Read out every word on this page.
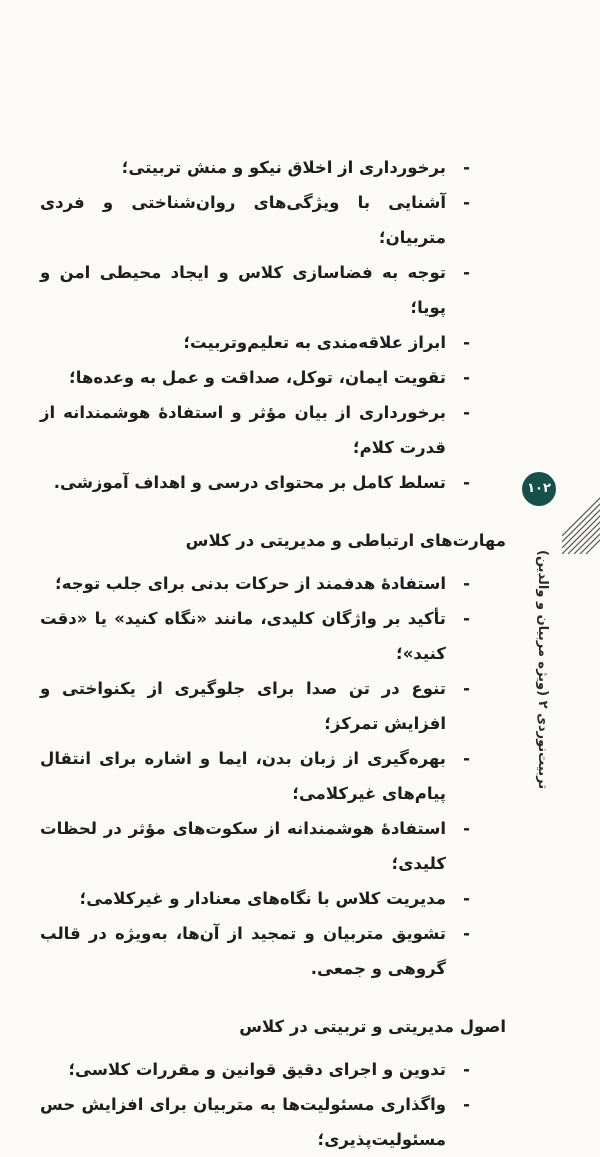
- برخورداری از اخلاق نیکو و منش تربیتی؛
- آشنایی با ویژگی‌های روان‌شناختی و فردی متربیان؛
- توجه به فضاسازی کلاس و ایجاد محیطی امن و پویا؛
- ابراز علاقه‌مندی به تعلیم‌وتربیت؛
- تقویت ایمان، توکل، صداقت و عمل به وعده‌ها؛
- برخورداری از بیان مؤثر و استفادهٔ هوشمندانه از قدرت کلام؛
- تسلط کامل بر محتوای درسی و اهداف آموزشی.
مهارت‌های ارتباطی و مدیریتی در کلاس
- استفادهٔ هدفمند از حرکات بدنی برای جلب توجه؛
- تأکید بر واژگان کلیدی، مانند «نگاه کنید» یا «دقت کنید»؛
- تنوع در تن صدا برای جلوگیری از یکنواختی و افزایش تمرکز؛
- بهره‌گیری از زبان بدن، ایما و اشاره برای انتقال پیام‌های غیرکلامی؛
- استفادهٔ هوشمندانه از سکوت‌های مؤثر در لحظات کلیدی؛
- مدیریت کلاس با نگاه‌های معنادار و غیرکلامی؛
- تشویق متربیان و تمجید از آن‌ها، به‌ویژه در قالب گروهی و جمعی.
اصول مدیریتی و تربیتی در کلاس
- تدوین و اجرای دقیق قوانین و مقررات کلاسی؛
- واگذاری مسئولیت‌ها به متربیان برای افزایش حس مسئولیت‌پذیری؛
۱۰۲
تربیت‌نوردی ۲ (ویژه مربیان و والدین)
